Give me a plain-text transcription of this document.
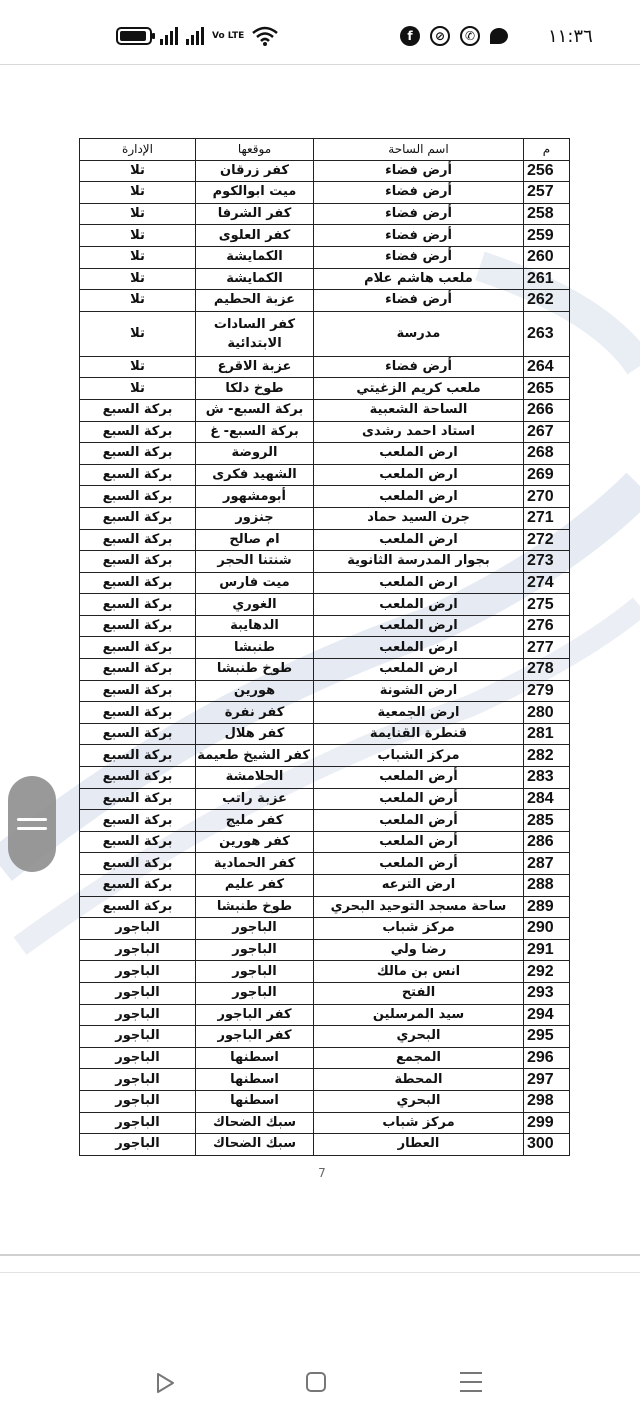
Vo LTE	f	⊘	✆	١١:٣٦
م	اسم الساحة	موقعها	الإدارة
256	أرض فضاء	كفر زرقان	تلا
257	أرض فضاء	ميت ابوالكوم	تلا
258	أرض فضاء	كفر الشرفا	تلا
259	أرض فضاء	كفر العلوى	تلا
260	أرض فضاء	الكمايشة	تلا
261	ملعب هاشم علام	الكمايشة	تلا
262	أرض فضاء	عزبة الحطيم	تلا
263	مدرسة	كفر السادات الابتدائية	تلا
264	أرض فضاء	عزبة الاقرع	تلا
265	ملعب كريم الزغيتي	طوخ دلكا	تلا
266	الساحة الشعبية	بركة السبع- ش	بركة السبع
267	استاد احمد رشدى	بركة السبع- غ	بركة السبع
268	ارض الملعب	الروضة	بركة السبع
269	ارض الملعب	الشهيد فكرى	بركة السبع
270	ارض الملعب	أبومشهور	بركة السبع
271	جرن السيد حماد	جنزور	بركة السبع
272	ارض الملعب	ام صالح	بركة السبع
273	بجوار المدرسة الثانوية	شنتنا الحجر	بركة السبع
274	ارض الملعب	ميت فارس	بركة السبع
275	ارض الملعب	الغوري	بركة السبع
276	ارض الملعب	الدهايبة	بركة السبع
277	ارض الملعب	طنبشا	بركة السبع
278	ارض الملعب	طوخ طنبشا	بركة السبع
279	ارض الشونة	هورين	بركة السبع
280	ارض الجمعية	كفر نفرة	بركة السبع
281	قنطرة القنايمة	كفر هلال	بركة السبع
282	مركز الشباب	كفر الشيخ طعيمة	بركة السبع
283	أرض الملعب	الحلامشة	بركة السبع
284	أرض الملعب	عزبة راتب	بركة السبع
285	أرض الملعب	كفر مليج	بركة السبع
286	أرض الملعب	كفر هورين	بركة السبع
287	أرض الملعب	كفر الحمادية	بركة السبع
288	ارض الترعه	كفر عليم	بركة السبع
289	ساحة مسجد التوحيد البحري	طوخ طنبشا	بركة السبع
290	مركز شباب	الباجور	الباجور
291	رضا ولي	الباجور	الباجور
292	انس بن مالك	الباجور	الباجور
293	الفتح	الباجور	الباجور
294	سيد المرسلين	كفر الباجور	الباجور
295	البحري	كفر الباجور	الباجور
296	المجمع	اسطنها	الباجور
297	المحطة	اسطنها	الباجور
298	البحري	اسطنها	الباجور
299	مركز شباب	سبك الضحاك	الباجور
300	العطار	سبك الضحاك	الباجور
7
